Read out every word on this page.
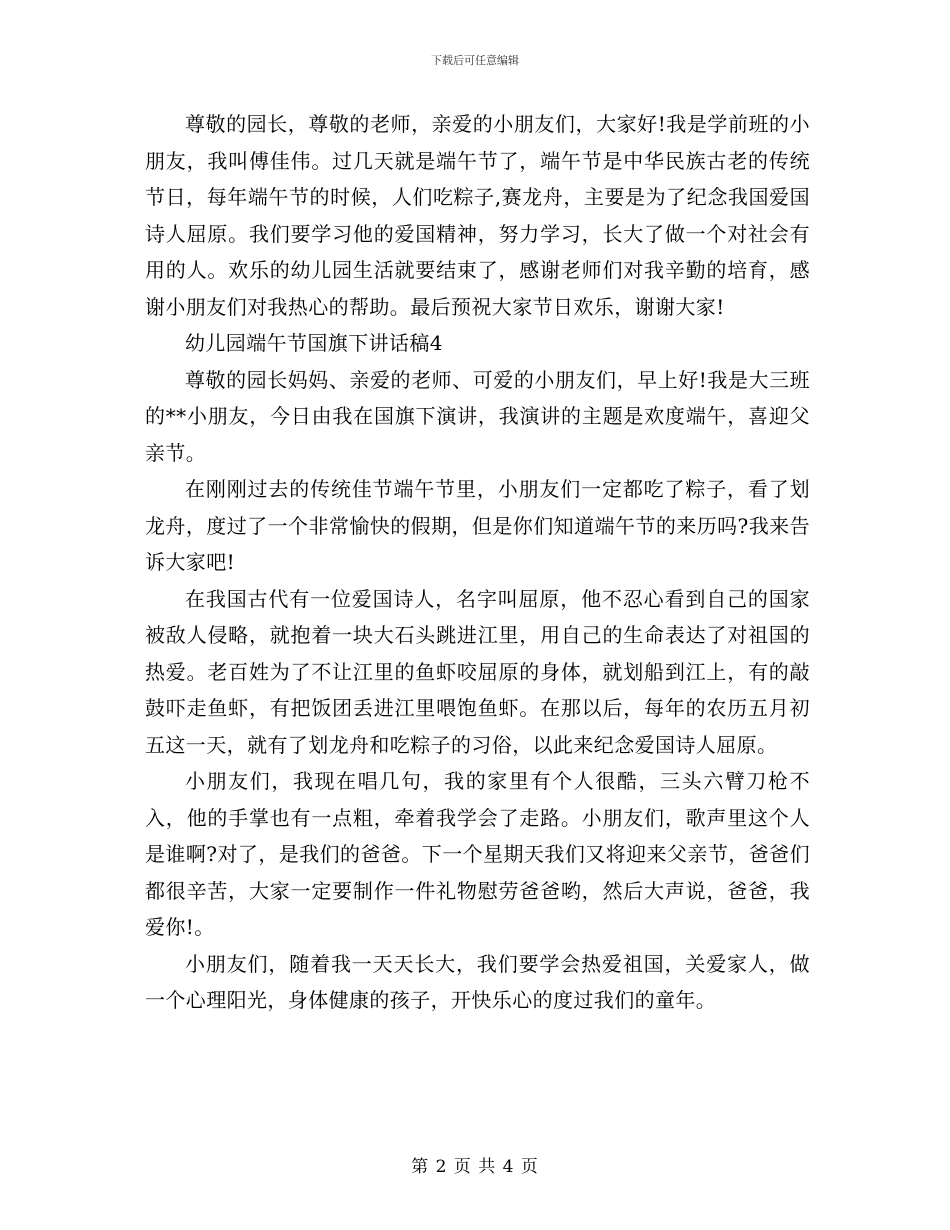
下载后可任意编辑

尊敬的园长，尊敬的老师，亲爱的小朋友们，大家好!我是学前班的小朋友，我叫傅佳伟。过几天就是端午节了，端午节是中华民族古老的传统节日，每年端午节的时候，人们吃粽子,赛龙舟，主要是为了纪念我国爱国诗人屈原。我们要学习他的爱国精神，努力学习，长大了做一个对社会有用的人。欢乐的幼儿园生活就要结束了，感谢老师们对我辛勤的培育，感谢小朋友们对我热心的帮助。最后预祝大家节日欢乐，谢谢大家!

幼儿园端午节国旗下讲话稿4

尊敬的园长妈妈、亲爱的老师、可爱的小朋友们，早上好!我是大三班的**小朋友，今日由我在国旗下演讲，我演讲的主题是欢度端午，喜迎父亲节。

在刚刚过去的传统佳节端午节里，小朋友们一定都吃了粽子，看了划龙舟，度过了一个非常愉快的假期，但是你们知道端午节的来历吗?我来告诉大家吧!

在我国古代有一位爱国诗人，名字叫屈原，他不忍心看到自己的国家被敌人侵略，就抱着一块大石头跳进江里，用自己的生命表达了对祖国的热爱。老百姓为了不让江里的鱼虾咬屈原的身体，就划船到江上，有的敲鼓吓走鱼虾，有把饭团丢进江里喂饱鱼虾。在那以后，每年的农历五月初五这一天，就有了划龙舟和吃粽子的习俗，以此来纪念爱国诗人屈原。

小朋友们，我现在唱几句，我的家里有个人很酷，三头六臂刀枪不入，他的手掌也有一点粗，牵着我学会了走路。小朋友们，歌声里这个人是谁啊?对了，是我们的爸爸。下一个星期天我们又将迎来父亲节，爸爸们都很辛苦，大家一定要制作一件礼物慰劳爸爸哟，然后大声说，爸爸，我爱你!。

小朋友们，随着我一天天长大，我们要学会热爱祖国，关爱家人，做一个心理阳光，身体健康的孩子，开快乐心的度过我们的童年。

第 2 页 共 4 页
